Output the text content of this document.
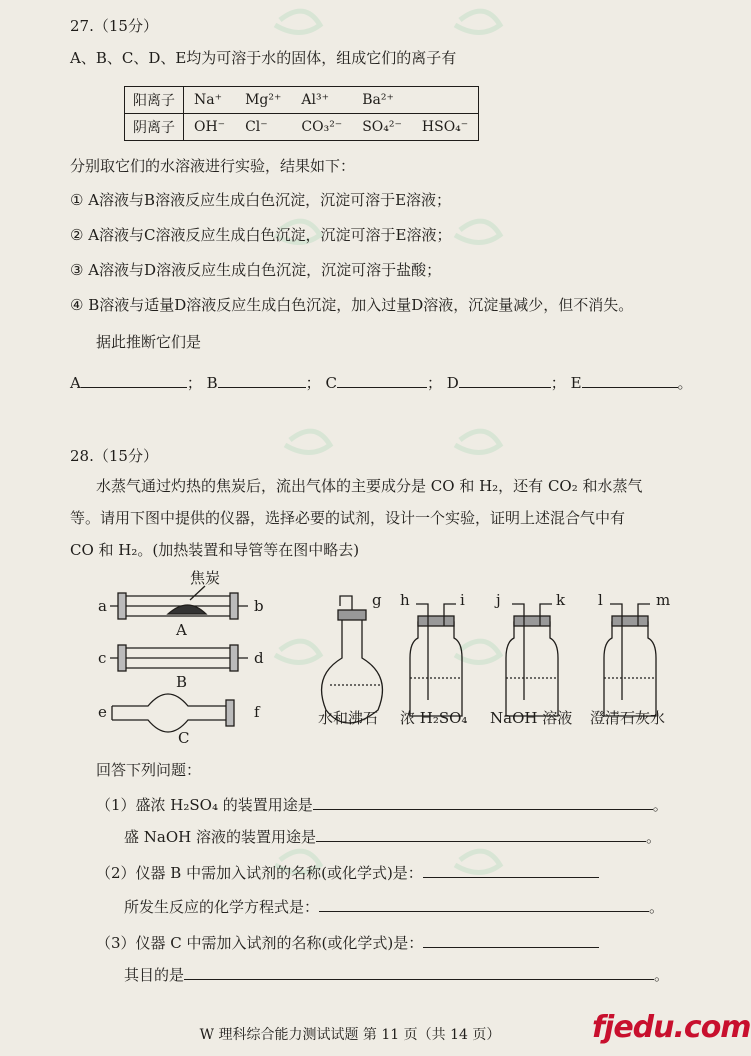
27.（15分）
A、B、C、D、E均为可溶于水的固体，组成它们的离子有
阳离子	Na⁺	Mg²⁺	Al³⁺	Ba²⁺	
阴离子	OH⁻	Cl⁻	CO₃²⁻	SO₄²⁻	HSO₄⁻
分别取它们的水溶液进行实验，结果如下：
① A溶液与B溶液反应生成白色沉淀，沉淀可溶于E溶液；
② A溶液与C溶液反应生成白色沉淀，沉淀可溶于E溶液；
③ A溶液与D溶液反应生成白色沉淀，沉淀可溶于盐酸；
④ B溶液与适量D溶液反应生成白色沉淀，加入过量D溶液，沉淀量减少，但不消失。
据此推断它们是
A	； B	； C	； D	； E	。
28.（15分）
水蒸气通过灼热的焦炭后，流出气体的主要成分是 CO 和 H₂，还有 CO₂ 和水蒸气
等。请用下图中提供的仪器，选择必要的试剂，设计一个实验，证明上述混合气中有
CO 和 H₂。(加热装置和导管等在图中略去)
焦炭
a	b
A
c	d
B
e	f
C
g h	i j	k l	m
水和沸石 浓 H₂SO₄ NaOH 溶液 澄清石灰水
回答下列问题：
（1）盛浓 H₂SO₄ 的装置用途是	。
盛 NaOH 溶液的装置用途是	。
（2）仪器 B 中需加入试剂的名称(或化学式)是：
所发生反应的化学方程式是：	。
（3）仪器 C 中需加入试剂的名称(或化学式)是：
其目的是	。
W 理科综合能力测试试题 第 11 页（共 14 页）	fjedu.com
